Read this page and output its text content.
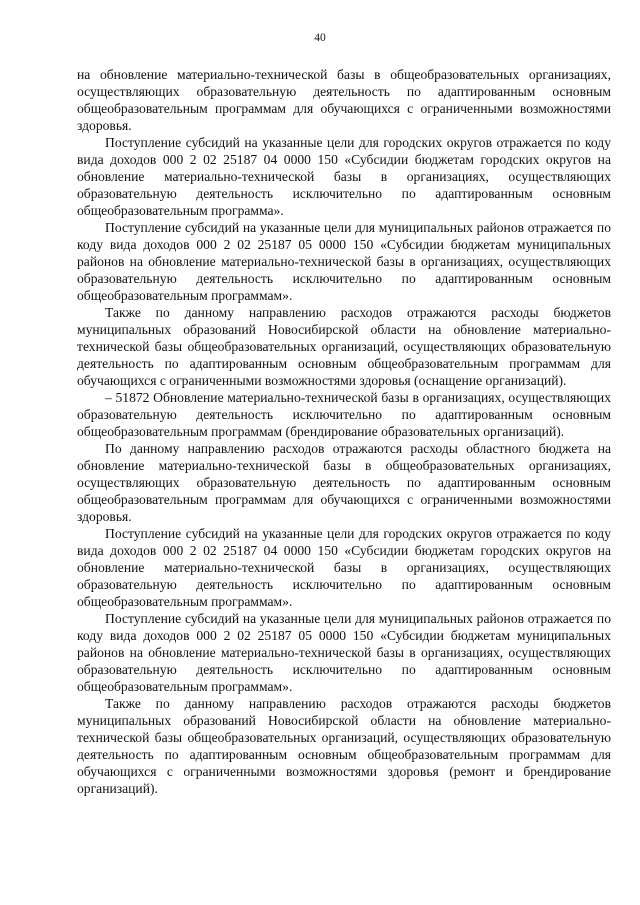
40

на обновление материально-технической базы в общеобразовательных организациях, осуществляющих образовательную деятельность по адаптированным основным общеобразовательным программам для обучающихся с ограниченными возможностями здоровья.

Поступление субсидий на указанные цели для городских округов отражается по коду вида доходов 000 2 02 25187 04 0000 150 «Субсидии бюджетам городских округов на обновление материально-технической базы в организациях, осуществляющих образовательную деятельность исключительно по адаптированным основным общеобразовательным программа».

Поступление субсидий на указанные цели для муниципальных районов отражается по коду вида доходов 000 2 02 25187 05 0000 150 «Субсидии бюджетам муниципальных районов на обновление материально-технической базы в организациях, осуществляющих образовательную деятельность исключительно по адаптированным основным общеобразовательным программам».

Также по данному направлению расходов отражаются расходы бюджетов муниципальных образований Новосибирской области на обновление материально-технической базы общеобразовательных организаций, осуществляющих образовательную деятельность по адаптированным основным общеобразовательным программам для обучающихся с ограниченными возможностями здоровья (оснащение организаций).

– 51872 Обновление материально-технической базы в организациях, осуществляющих образовательную деятельность исключительно по адаптированным основным общеобразовательным программам (брендирование образовательных организаций).

По данному направлению расходов отражаются расходы областного бюджета на обновление материально-технической базы в общеобразовательных организациях, осуществляющих образовательную деятельность по адаптированным основным общеобразовательным программам для обучающихся с ограниченными возможностями здоровья.

Поступление субсидий на указанные цели для городских округов отражается по коду вида доходов 000 2 02 25187 04 0000 150 «Субсидии бюджетам городских округов на обновление материально-технической базы в организациях, осуществляющих образовательную деятельность исключительно по адаптированным основным общеобразовательным программам».

Поступление субсидий на указанные цели для муниципальных районов отражается по коду вида доходов 000 2 02 25187 05 0000 150 «Субсидии бюджетам муниципальных районов на обновление материально-технической базы в организациях, осуществляющих образовательную деятельность исключительно по адаптированным основным общеобразовательным программам».

Также по данному направлению расходов отражаются расходы бюджетов муниципальных образований Новосибирской области на обновление материально-технической базы общеобразовательных организаций, осуществляющих образовательную деятельность по адаптированным основным общеобразовательным программам для обучающихся с ограниченными возможностями здоровья (ремонт и брендирование организаций).
